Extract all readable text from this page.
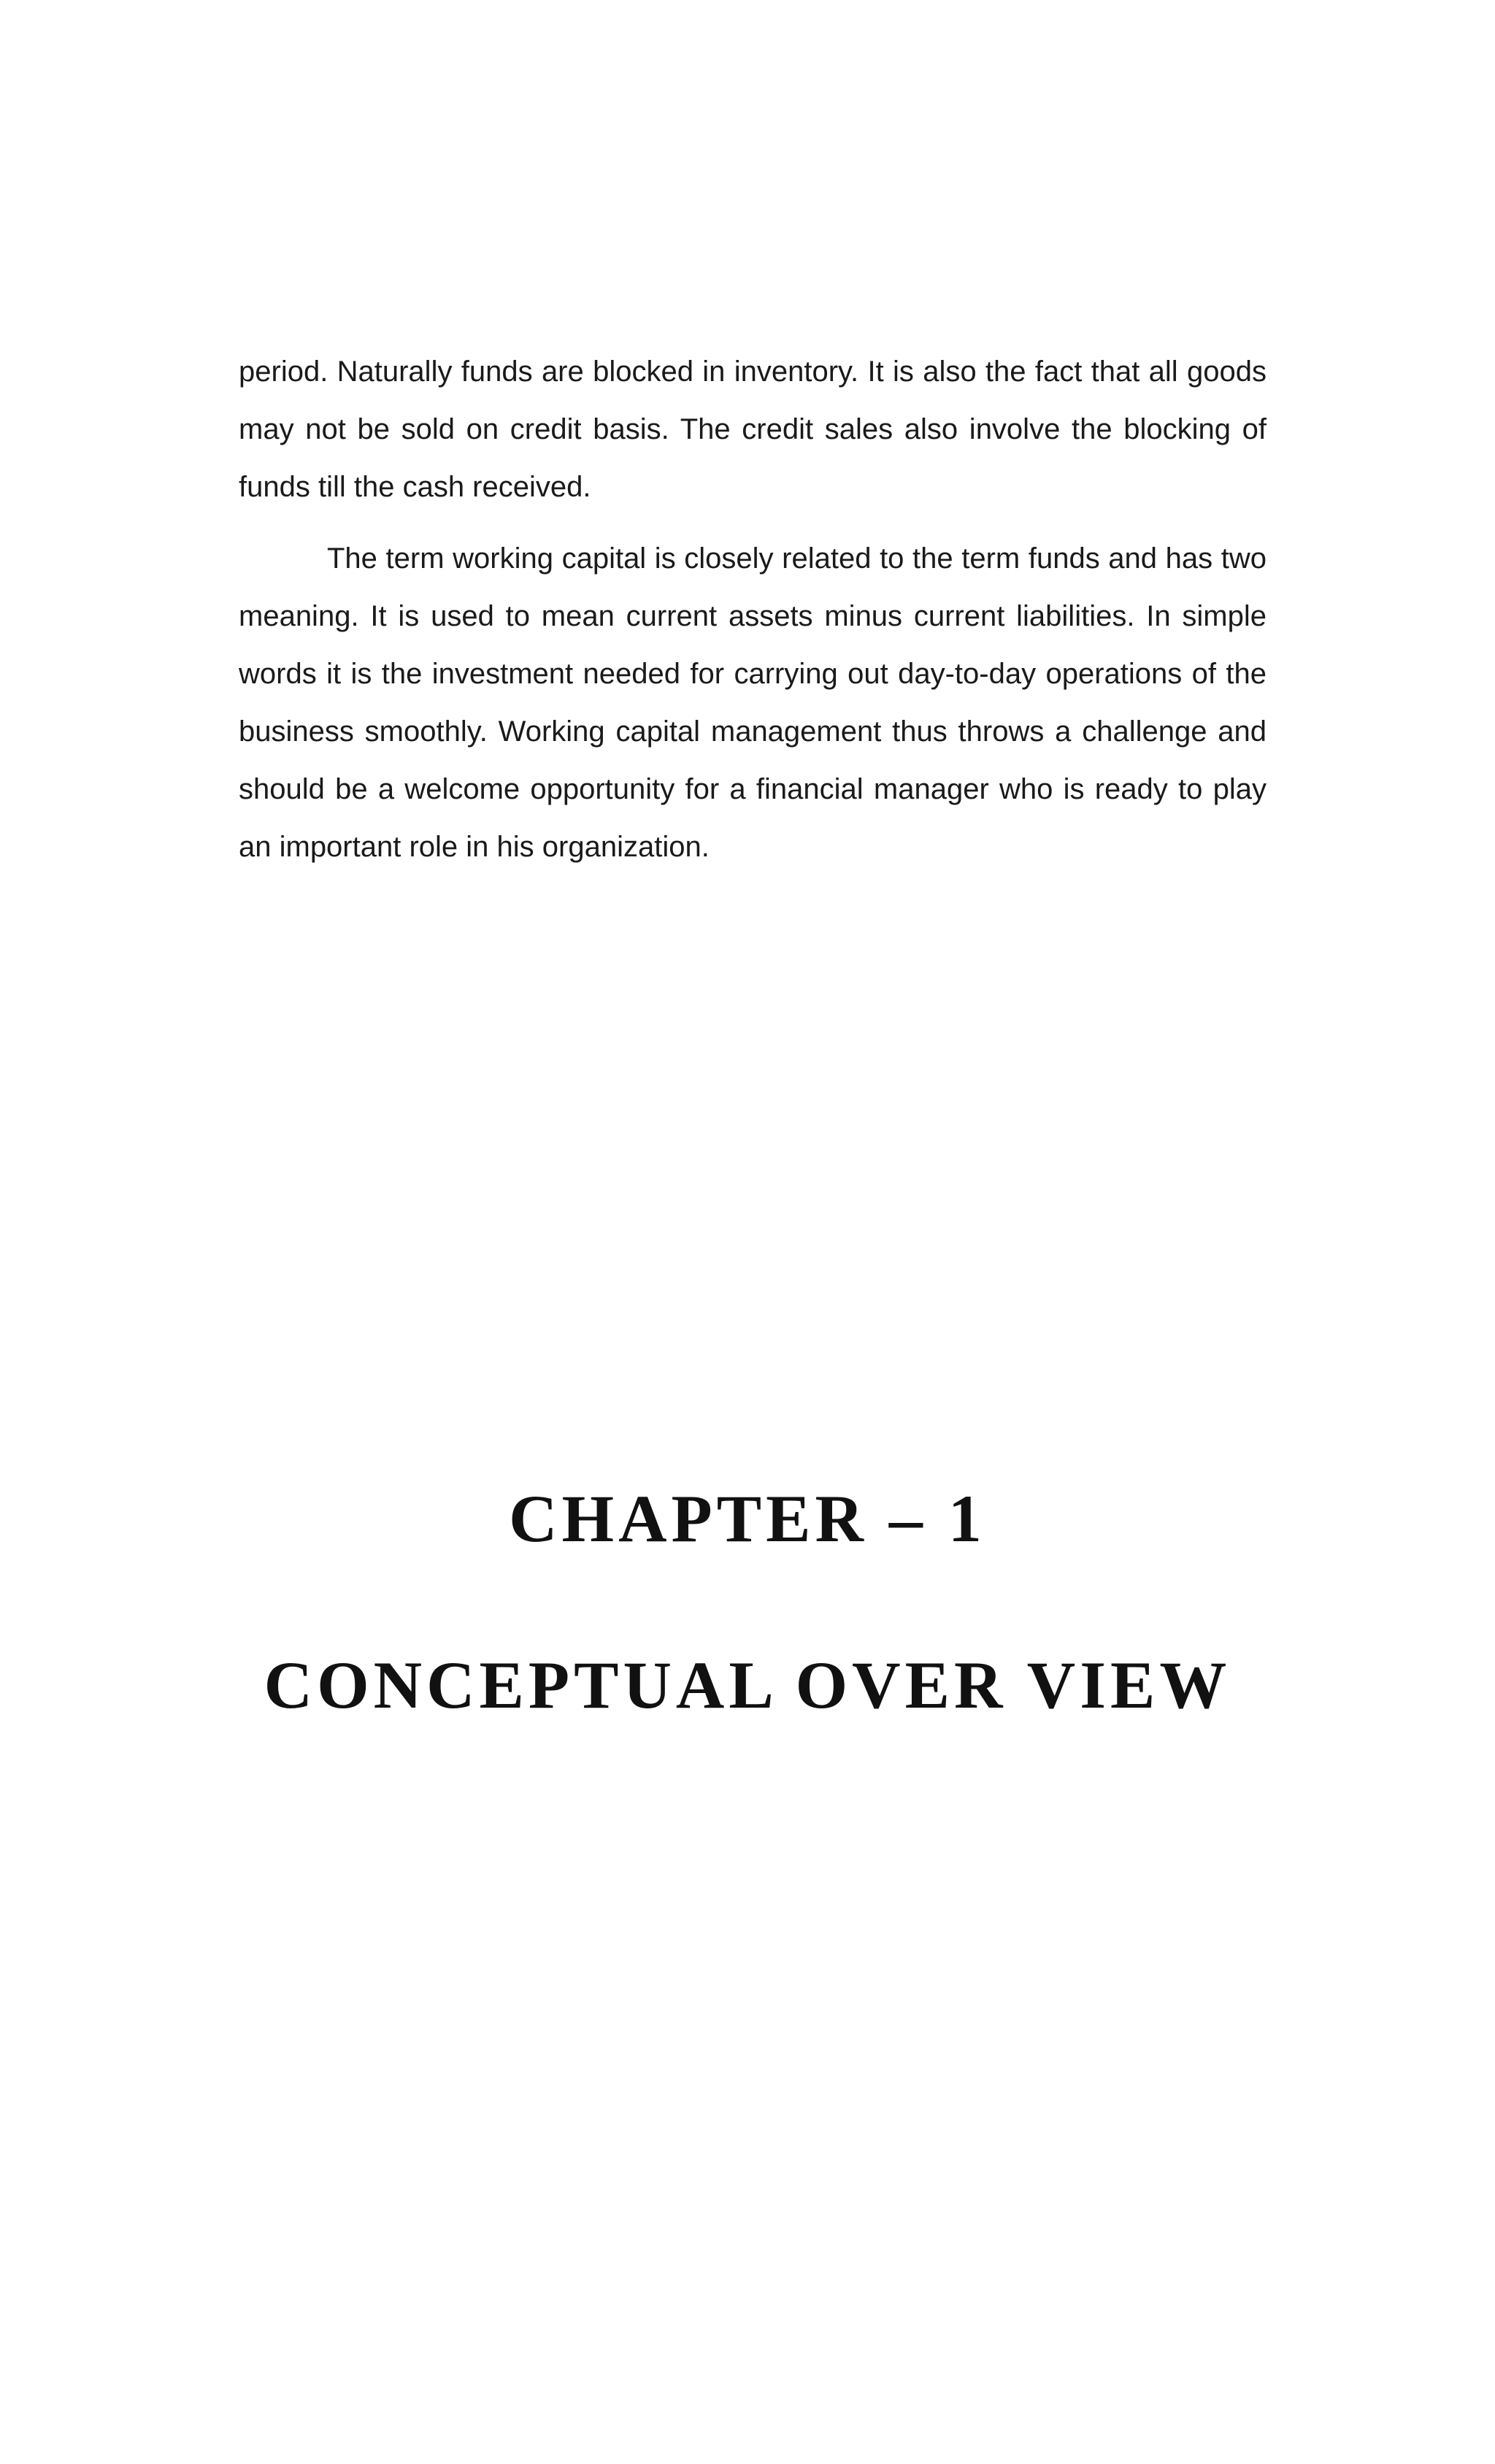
period. Naturally funds are blocked in inventory. It is also the fact that all goods may not be sold on credit basis. The credit sales also involve the blocking of funds till the cash received.

The term working capital is closely related to the term funds and has two meaning. It is used to mean current assets minus current liabilities. In simple words it is the investment needed for carrying out day-to-day operations of the business smoothly. Working capital management thus throws a challenge and should be a welcome opportunity for a financial manager who is ready to play an important role in his organization.

CHAPTER – 1
CONCEPTUAL OVER VIEW
